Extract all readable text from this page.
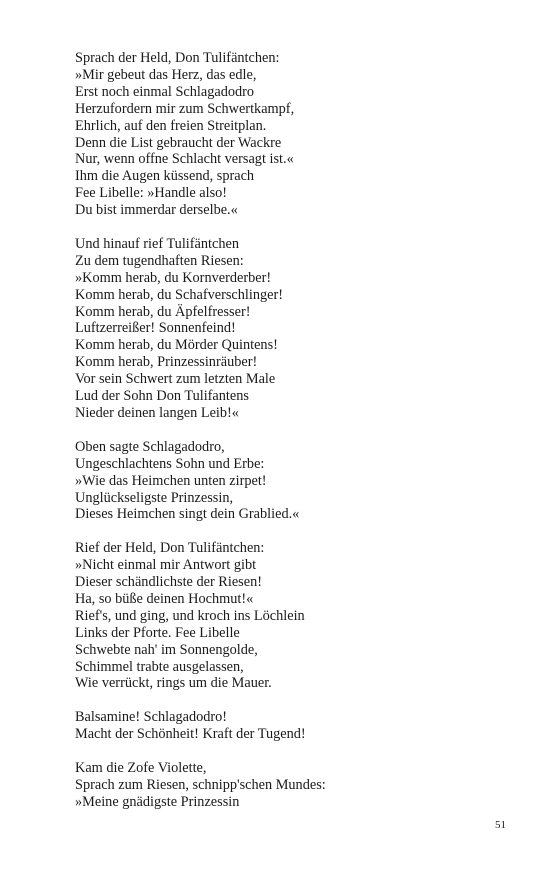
Sprach der Held, Don Tulifäntchen:
»Mir gebeut das Herz, das edle,
Erst noch einmal Schlagadodro
Herzufordern mir zum Schwertkampf,
Ehrlich, auf den freien Streitplan.
Denn die List gebraucht der Wackre
Nur, wenn offne Schlacht versagt ist.«
Ihm die Augen küssend, sprach
Fee Libelle: »Handle also!
Du bist immerdar derselbe.«
Und hinauf rief Tulifäntchen
Zu dem tugendhaften Riesen:
»Komm herab, du Kornverderber!
Komm herab, du Schafverschlinger!
Komm herab, du Äpfelfresser!
Luftzerreißer! Sonnenfeind!
Komm herab, du Mörder Quintens!
Komm herab, Prinzessinräuber!
Vor sein Schwert zum letzten Male
Lud der Sohn Don Tulifantens
Nieder deinen langen Leib!«
Oben sagte Schlagadodro,
Ungeschlachtens Sohn und Erbe:
»Wie das Heimchen unten zirpet!
Unglückseligste Prinzessin,
Dieses Heimchen singt dein Grablied.«
Rief der Held, Don Tulifäntchen:
»Nicht einmal mir Antwort gibt
Dieser schändlichste der Riesen!
Ha, so büße deinen Hochmut!«
Rief's, und ging, und kroch ins Löchlein
Links der Pforte. Fee Libelle
Schwebte nah' im Sonnengolde,
Schimmel trabte ausgelassen,
Wie verrückt, rings um die Mauer.
Balsamine! Schlagadodro!
Macht der Schönheit! Kraft der Tugend!
Kam die Zofe Violette,
Sprach zum Riesen, schnipp'schen Mundes:
»Meine gnädigste Prinzessin
51
